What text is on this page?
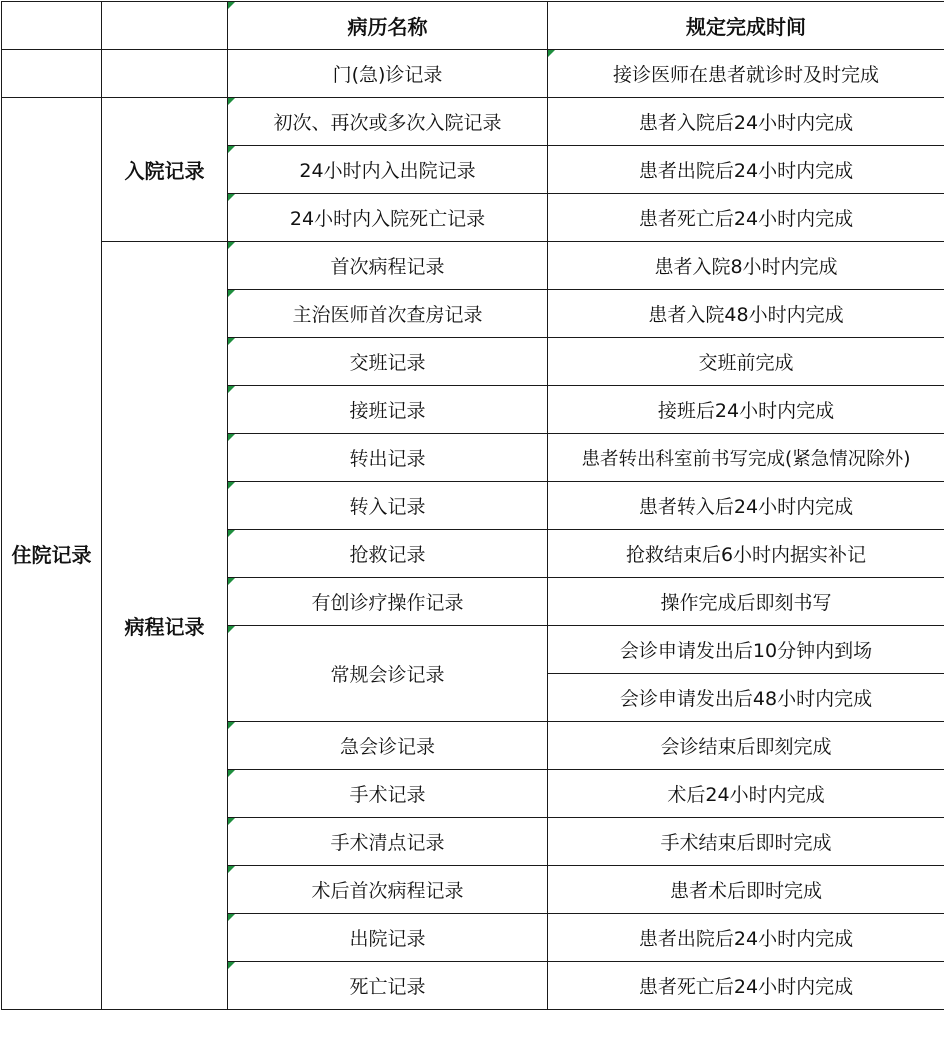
		病历名称	规定完成时间
		门(急)诊记录	接诊医师在患者就诊时及时完成
住院记录	入院记录	初次、再次或多次入院记录	患者入院后24小时内完成
		24小时内入出院记录	患者出院后24小时内完成
		24小时内入院死亡记录	患者死亡后24小时内完成
	病程记录	首次病程记录	患者入院8小时内完成
		主治医师首次查房记录	患者入院48小时内完成
		交班记录	交班前完成
		接班记录	接班后24小时内完成
		转出记录	患者转出科室前书写完成(紧急情况除外)
		转入记录	患者转入后24小时内完成
		抢救记录	抢救结束后6小时内据实补记
		有创诊疗操作记录	操作完成后即刻书写
		常规会诊记录	会诊申请发出后10分钟内到场
			会诊申请发出后48小时内完成
		急会诊记录	会诊结束后即刻完成
		手术记录	术后24小时内完成
		手术清点记录	手术结束后即时完成
		术后首次病程记录	患者术后即时完成
		出院记录	患者出院后24小时内完成
		死亡记录	患者死亡后24小时内完成
